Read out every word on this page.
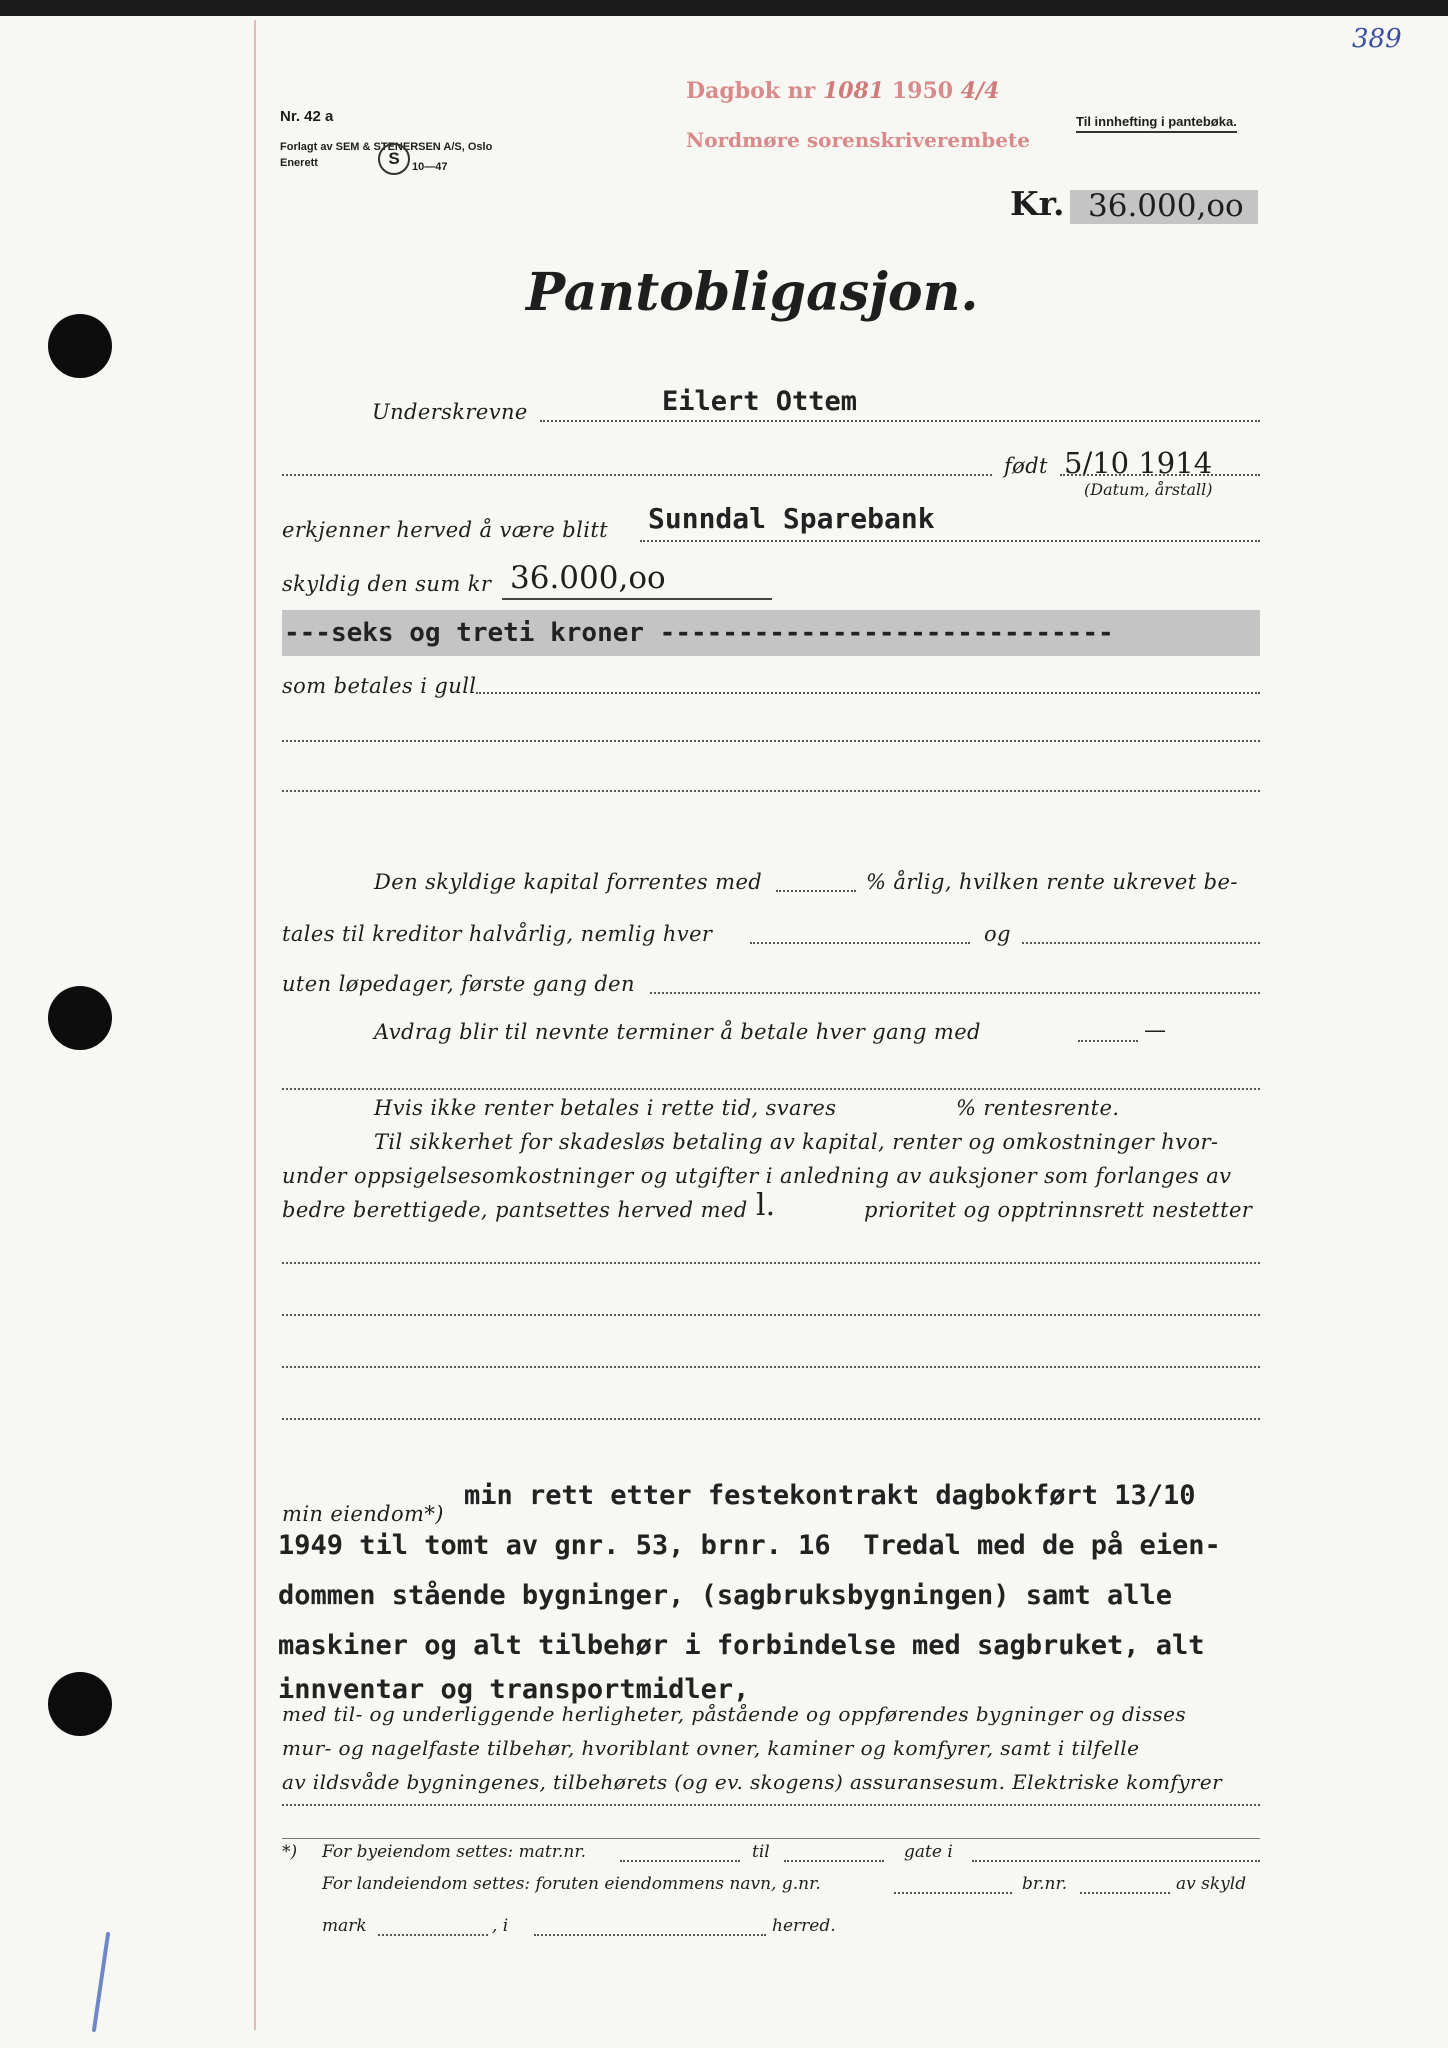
389
Nr. 42 a
Forlagt av SEM & STENERSEN A/S, Oslo
Enerett	S	10—47
Til innhefting i pantebøka.
Dagbok nr 1081 1950 4/4
Nordmøre sorenskriverembete
Kr. 36.000,oo
Pantobligasjon.
Underskrevne	Eilert Ottem
født 5/10 1914
(Datum, årstall)
erkjenner herved å være blitt Sunndal Sparebank
skyldig den sum kr 36.000,oo
---seks og treti kroner -----------------------------
som betales i gull
Den skyldige kapital forrentes med	% årlig, hvilken rente ukrevet be-
tales til kreditor halvårlig, nemlig hver	og
uten løpedager, første gang den
Avdrag blir til nevnte terminer å betale hver gang med	—
Hvis ikke renter betales i rette tid, svares	% rentesrente.
Til sikkerhet for skadesløs betaling av kapital, renter og omkostninger hvor-
under oppsigelsesomkostninger og utgifter i anledning av auksjoner som forlanges av
bedre berettigede, pantsettes herved med l.	prioritet og opptrinnsrett nestetter
min eiendom*)
min rett etter festekontrakt dagbokført 13/10
1949 til tomt av gnr. 53, brnr. 16  Tredal med de på eien-
dommen stående bygninger, (sagbruksbygningen) samt alle
maskiner og alt tilbehør i forbindelse med sagbruket, alt
innventar og transportmidler,
med til- og underliggende herligheter, påstående og oppførendes bygninger og disses
mur- og nagelfaste tilbehør, hvoriblant ovner, kaminer og komfyrer, samt i tilfelle
av ildsvåde bygningenes, tilbehørets (og ev. skogens) assuransesum. Elektriske komfyrer
*) For byeiendom settes: matr.nr.	til	gate i
For landeiendom settes: foruten eiendommens navn, g.nr.	br.nr.	av skyld
mark	, i	herred.
